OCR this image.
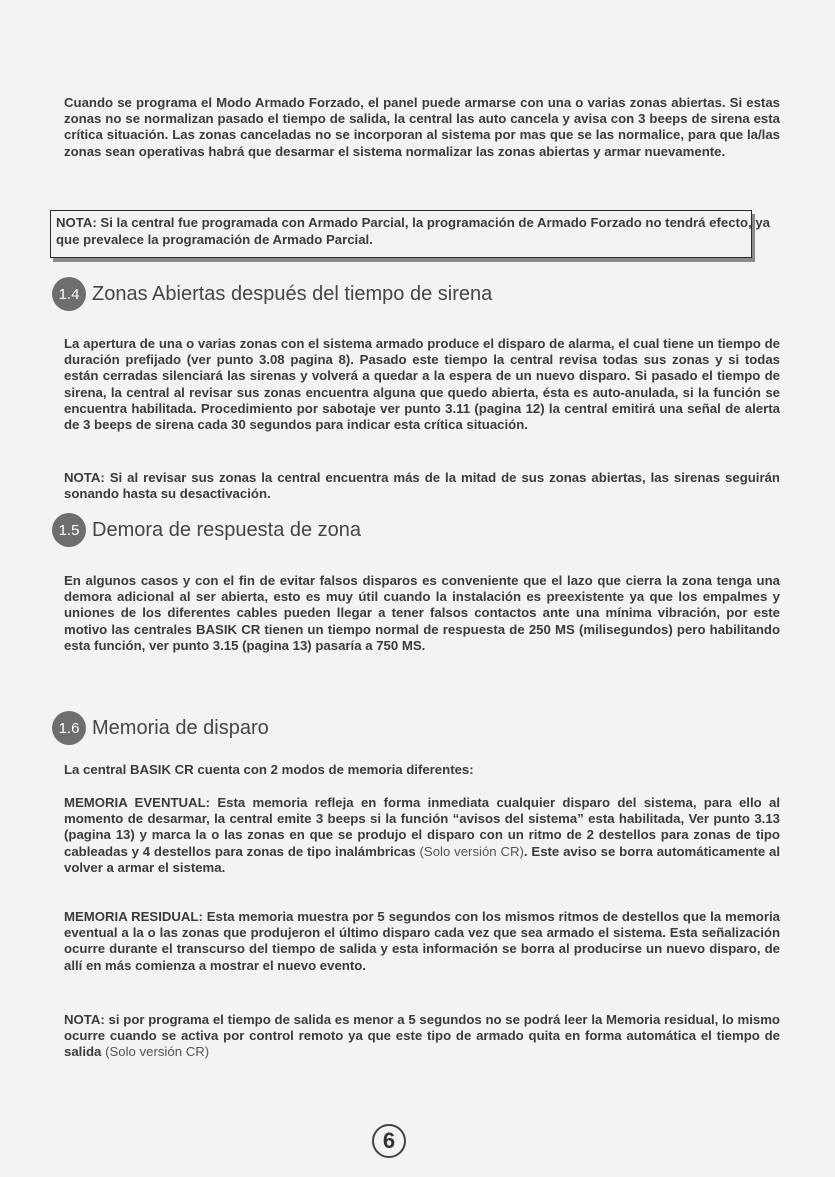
Cuando se programa el Modo Armado Forzado, el panel puede armarse con una o varias zonas abiertas. Si estas zonas no se normalizan pasado el tiempo de salida, la central las auto cancela y avisa con 3 beeps de sirena esta crítica situación. Las zonas canceladas no se incorporan al sistema por mas que se las normalice, para que la/las zonas sean operativas habrá que desarmar el sistema normalizar las zonas abiertas y armar nuevamente.

NOTA: Si la central fue programada con Armado Parcial, la programación de Armado Forzado no tendrá efecto, ya que prevalece la programación de Armado Parcial.

1.4 Zonas Abiertas después del tiempo de sirena

La apertura de una o varias zonas con el sistema armado produce el disparo de alarma, el cual tiene un tiempo de duración prefijado (ver punto 3.08 pagina 8). Pasado este tiempo la central revisa todas sus zonas y si todas están cerradas silenciará las sirenas y volverá a quedar a la espera de un nuevo disparo. Si pasado el tiempo de sirena, la central al revisar sus zonas encuentra alguna que quedo abierta, ésta es auto-anulada, si la función se encuentra habilitada. Procedimiento por sabotaje ver punto 3.11 (pagina 12) la central emitirá una señal de alerta de 3 beeps de sirena cada 30 segundos para indicar esta crítica situación.

NOTA: Si al revisar sus zonas la central encuentra más de la mitad de sus zonas abiertas, las sirenas seguirán sonando hasta su desactivación.

1.5 Demora de respuesta de zona

En algunos casos y con el fin de evitar falsos disparos es conveniente que el lazo que cierra la zona tenga una demora adicional al ser abierta, esto es muy útil cuando la instalación es preexistente ya que los empalmes y uniones de los diferentes cables pueden llegar a tener falsos contactos ante una mínima vibración, por este motivo las centrales BASIK CR tienen un tiempo normal de respuesta de 250 MS (milisegundos) pero habilitando esta función, ver punto 3.15 (pagina 13) pasaría a 750 MS.

1.6 Memoria de disparo

La central BASIK CR cuenta con 2 modos de memoria diferentes:

MEMORIA EVENTUAL: Esta memoria refleja en forma inmediata cualquier disparo del sistema, para ello al momento de desarmar, la central emite 3 beeps si la función “avisos del sistema” esta habilitada, Ver punto 3.13 (pagina 13) y marca la o las zonas en que se produjo el disparo con un ritmo de 2 destellos para zonas de tipo cableadas y 4 destellos para zonas de tipo inalámbricas (Solo versión CR). Este aviso se borra automáticamente al volver a armar el sistema.

MEMORIA RESIDUAL: Esta memoria muestra por 5 segundos con los mismos ritmos de destellos que la memoria eventual a la o las zonas que produjeron el último disparo cada vez que sea armado el sistema. Esta señalización ocurre durante el transcurso del tiempo de salida y esta información se borra al producirse un nuevo disparo, de allí en más comienza a mostrar el nuevo evento.

NOTA: si por programa el tiempo de salida es menor a 5 segundos no se podrá leer la Memoria residual, lo mismo ocurre cuando se activa por control remoto ya que este tipo de armado quita en forma automática el tiempo de salida (Solo versión CR)

6
